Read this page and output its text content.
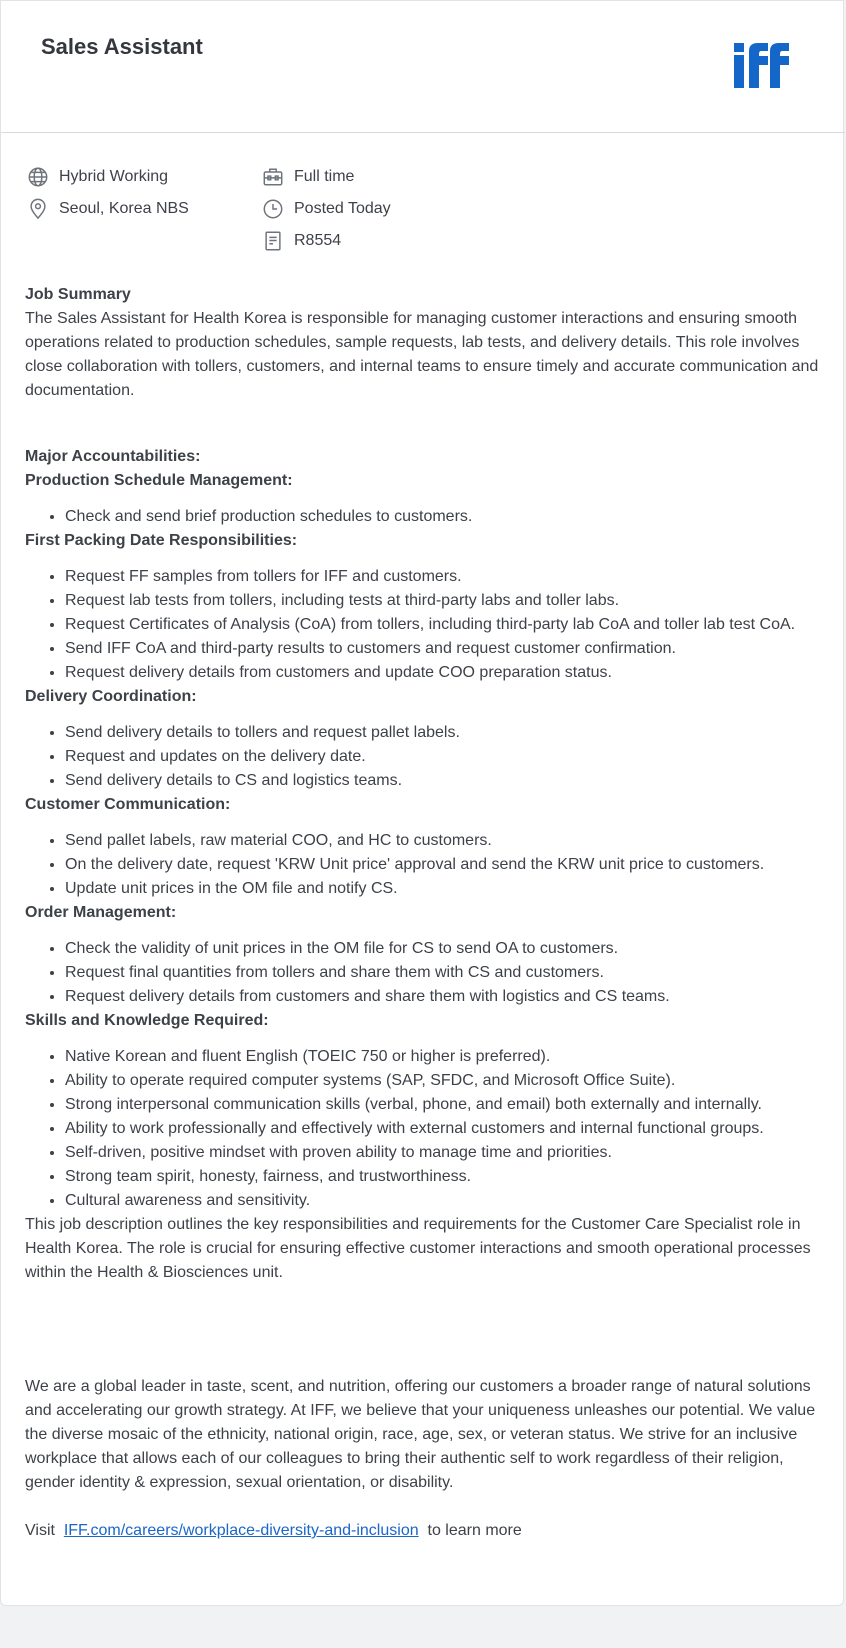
Sales Assistant
Hybrid Working
Seoul, Korea NBS
Full time
Posted Today
R8554

Job Summary

The Sales Assistant for Health Korea is responsible for managing customer interactions and ensuring smooth operations related to production schedules, sample requests, lab tests, and delivery details. This role involves close collaboration with tollers, customers, and internal teams to ensure timely and accurate communication and documentation.

Major Accountabilities:

Production Schedule Management:

• Check and send brief production schedules to customers.

First Packing Date Responsibilities:

• Request FF samples from tollers for IFF and customers.
• Request lab tests from tollers, including tests at third-party labs and toller labs.
• Request Certificates of Analysis (CoA) from tollers, including third-party lab CoA and toller lab test CoA.
• Send IFF CoA and third-party results to customers and request customer confirmation.
• Request delivery details from customers and update COO preparation status.

Delivery Coordination:

• Send delivery details to tollers and request pallet labels.
• Request and updates on the delivery date.
• Send delivery details to CS and logistics teams.

Customer Communication:

• Send pallet labels, raw material COO, and HC to customers.
• On the delivery date, request 'KRW Unit price' approval and send the KRW unit price to customers.
• Update unit prices in the OM file and notify CS.

Order Management:

• Check the validity of unit prices in the OM file for CS to send OA to customers.
• Request final quantities from tollers and share them with CS and customers.
• Request delivery details from customers and share them with logistics and CS teams.

Skills and Knowledge Required:

• Native Korean and fluent English (TOEIC 750 or higher is preferred).
• Ability to operate required computer systems (SAP, SFDC, and Microsoft Office Suite).
• Strong interpersonal communication skills (verbal, phone, and email) both externally and internally.
• Ability to work professionally and effectively with external customers and internal functional groups.
• Self-driven, positive mindset with proven ability to manage time and priorities.
• Strong team spirit, honesty, fairness, and trustworthiness.
• Cultural awareness and sensitivity.

This job description outlines the key responsibilities and requirements for the Customer Care Specialist role in Health Korea. The role is crucial for ensuring effective customer interactions and smooth operational processes within the Health & Biosciences unit.

We are a global leader in taste, scent, and nutrition, offering our customers a broader range of natural solutions and accelerating our growth strategy. At IFF, we believe that your uniqueness unleashes our potential. We value the diverse mosaic of the ethnicity, national origin, race, age, sex, or veteran status. We strive for an inclusive workplace that allows each of our colleagues to bring their authentic self to work regardless of their religion, gender identity & expression, sexual orientation, or disability.

Visit IFF.com/careers/workplace-diversity-and-inclusion to learn more
